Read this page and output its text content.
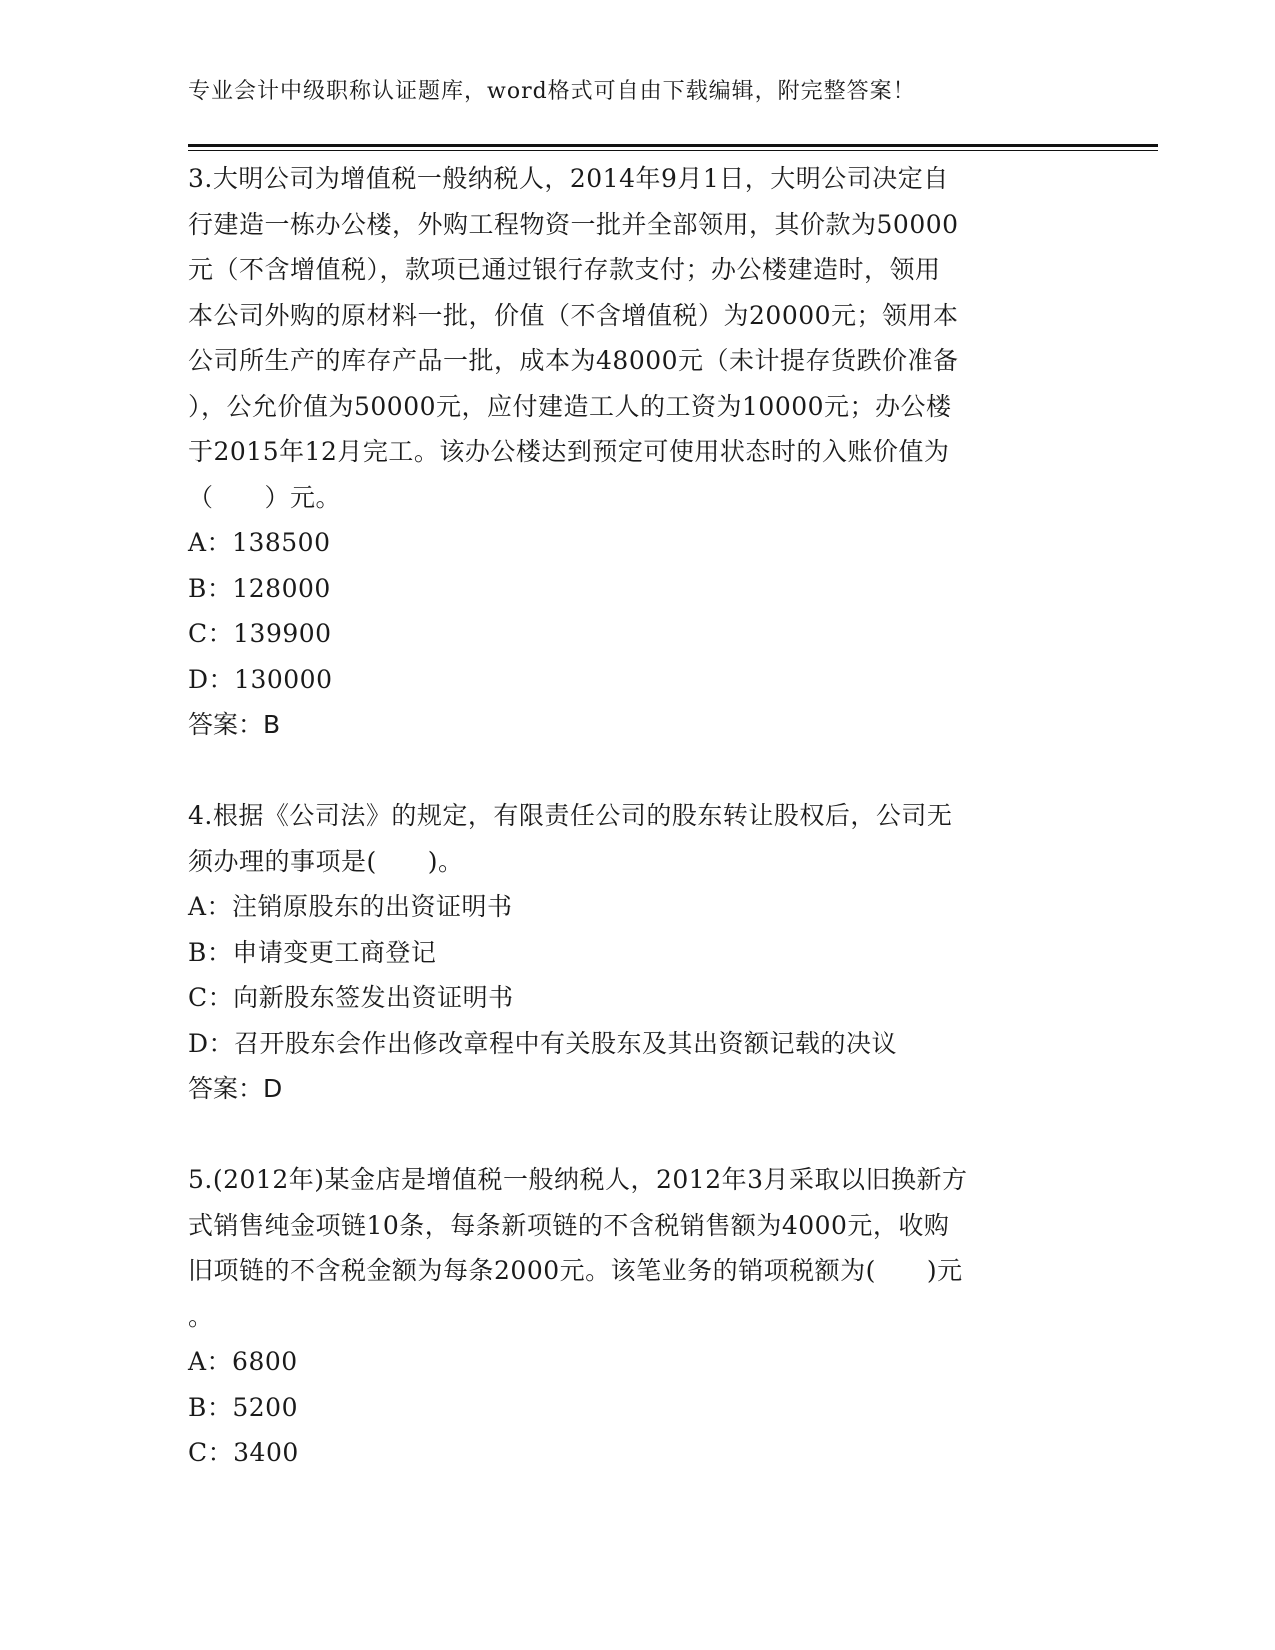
专业会计中级职称认证题库，word格式可自由下载编辑，附完整答案！
3.大明公司为增值税一般纳税人，2014年9月1日，大明公司决定自
行建造一栋办公楼，外购工程物资一批并全部领用，其价款为50000
元（不含增值税），款项已通过银行存款支付；办公楼建造时，领用
本公司外购的原材料一批，价值（不含增值税）为20000元；领用本
公司所生产的库存产品一批，成本为48000元（未计提存货跌价准备
），公允价值为50000元，应付建造工人的工资为10000元；办公楼
于2015年12月完工。该办公楼达到预定可使用状态时的入账价值为
（　　）元。
A：138500
B：128000
C：139900
D：130000
答案：B
4.根据《公司法》的规定，有限责任公司的股东转让股权后，公司无
须办理的事项是(　　)。
A：注销原股东的出资证明书
B：申请变更工商登记
C：向新股东签发出资证明书
D：召开股东会作出修改章程中有关股东及其出资额记载的决议
答案：D
5.(2012年)某金店是增值税一般纳税人，2012年3月采取以旧换新方
式销售纯金项链10条，每条新项链的不含税销售额为4000元，收购
旧项链的不含税金额为每条2000元。该笔业务的销项税额为(　　)元
。
A：6800
B：5200
C：3400
